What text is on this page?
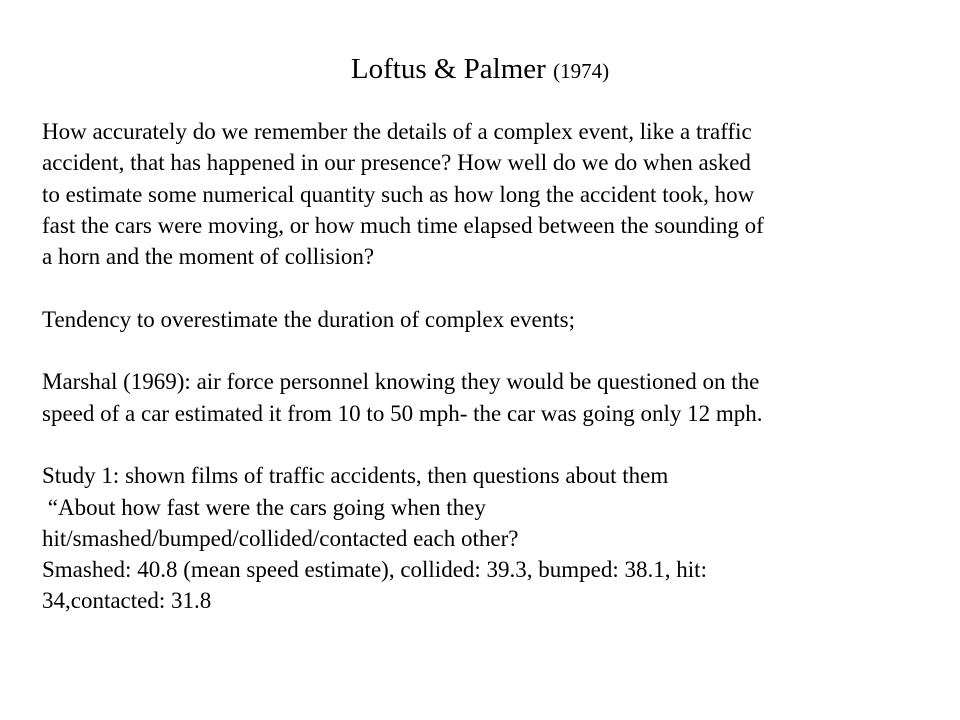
Loftus & Palmer (1974)
How accurately do we remember the details of a complex event, like a traffic
accident, that has happened in our presence? How well do we do when asked
to estimate some numerical quantity such as how long the accident took, how
fast the cars were moving, or how much time elapsed between the sounding of
a horn and the moment of collision?
Tendency to overestimate the duration of complex events;
Marshal (1969): air force personnel knowing they would be questioned on the
speed of a car estimated it from 10 to 50 mph- the car was going only 12 mph.
Study 1: shown films of traffic accidents, then questions about them
“About how fast were the cars going when they
hit/smashed/bumped/collided/contacted each other?
Smashed: 40.8 (mean speed estimate), collided: 39.3, bumped: 38.1, hit:
34,contacted: 31.8
